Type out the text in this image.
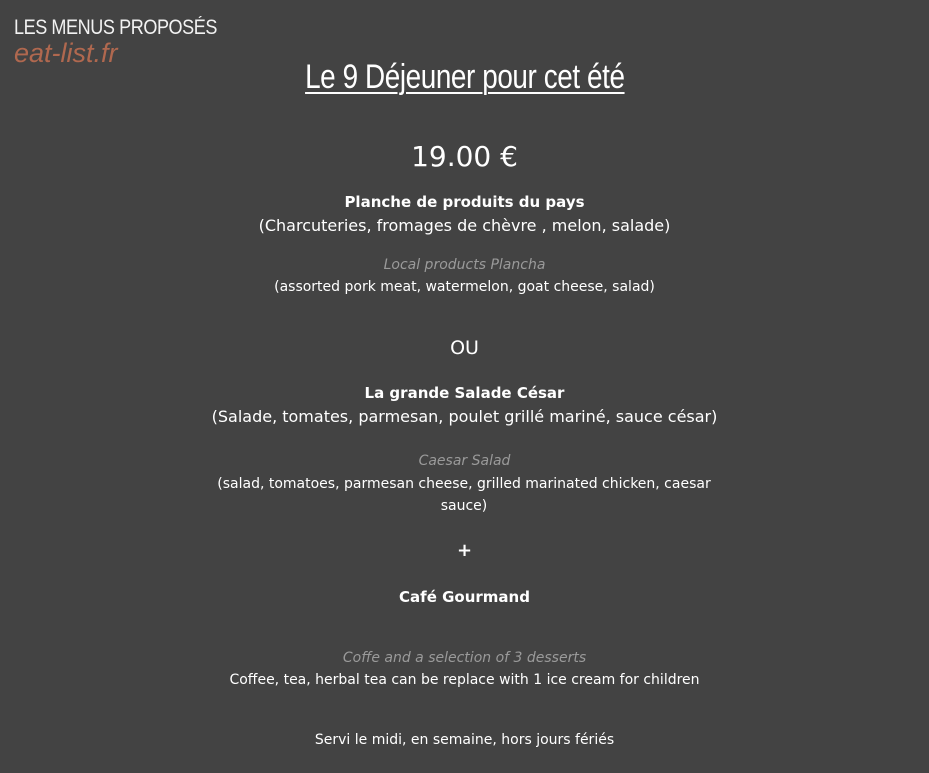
LES MENUS PROPOSÉS
eat-list.fr
Le 9 Déjeuner pour cet été
19.00 €
Planche de produits du pays
(Charcuteries, fromages de chèvre , melon, salade)
Local products Plancha
(assorted pork meat, watermelon, goat cheese, salad)
OU
La grande Salade César
(Salade, tomates, parmesan, poulet grillé mariné, sauce césar)
Caesar Salad
(salad, tomatoes, parmesan cheese, grilled marinated chicken, caesar sauce)
+
Café Gourmand
Coffe and a selection of 3 desserts
Coffee, tea, herbal tea can be replace with 1 ice cream for children
Servi le midi, en semaine, hors jours fériés
